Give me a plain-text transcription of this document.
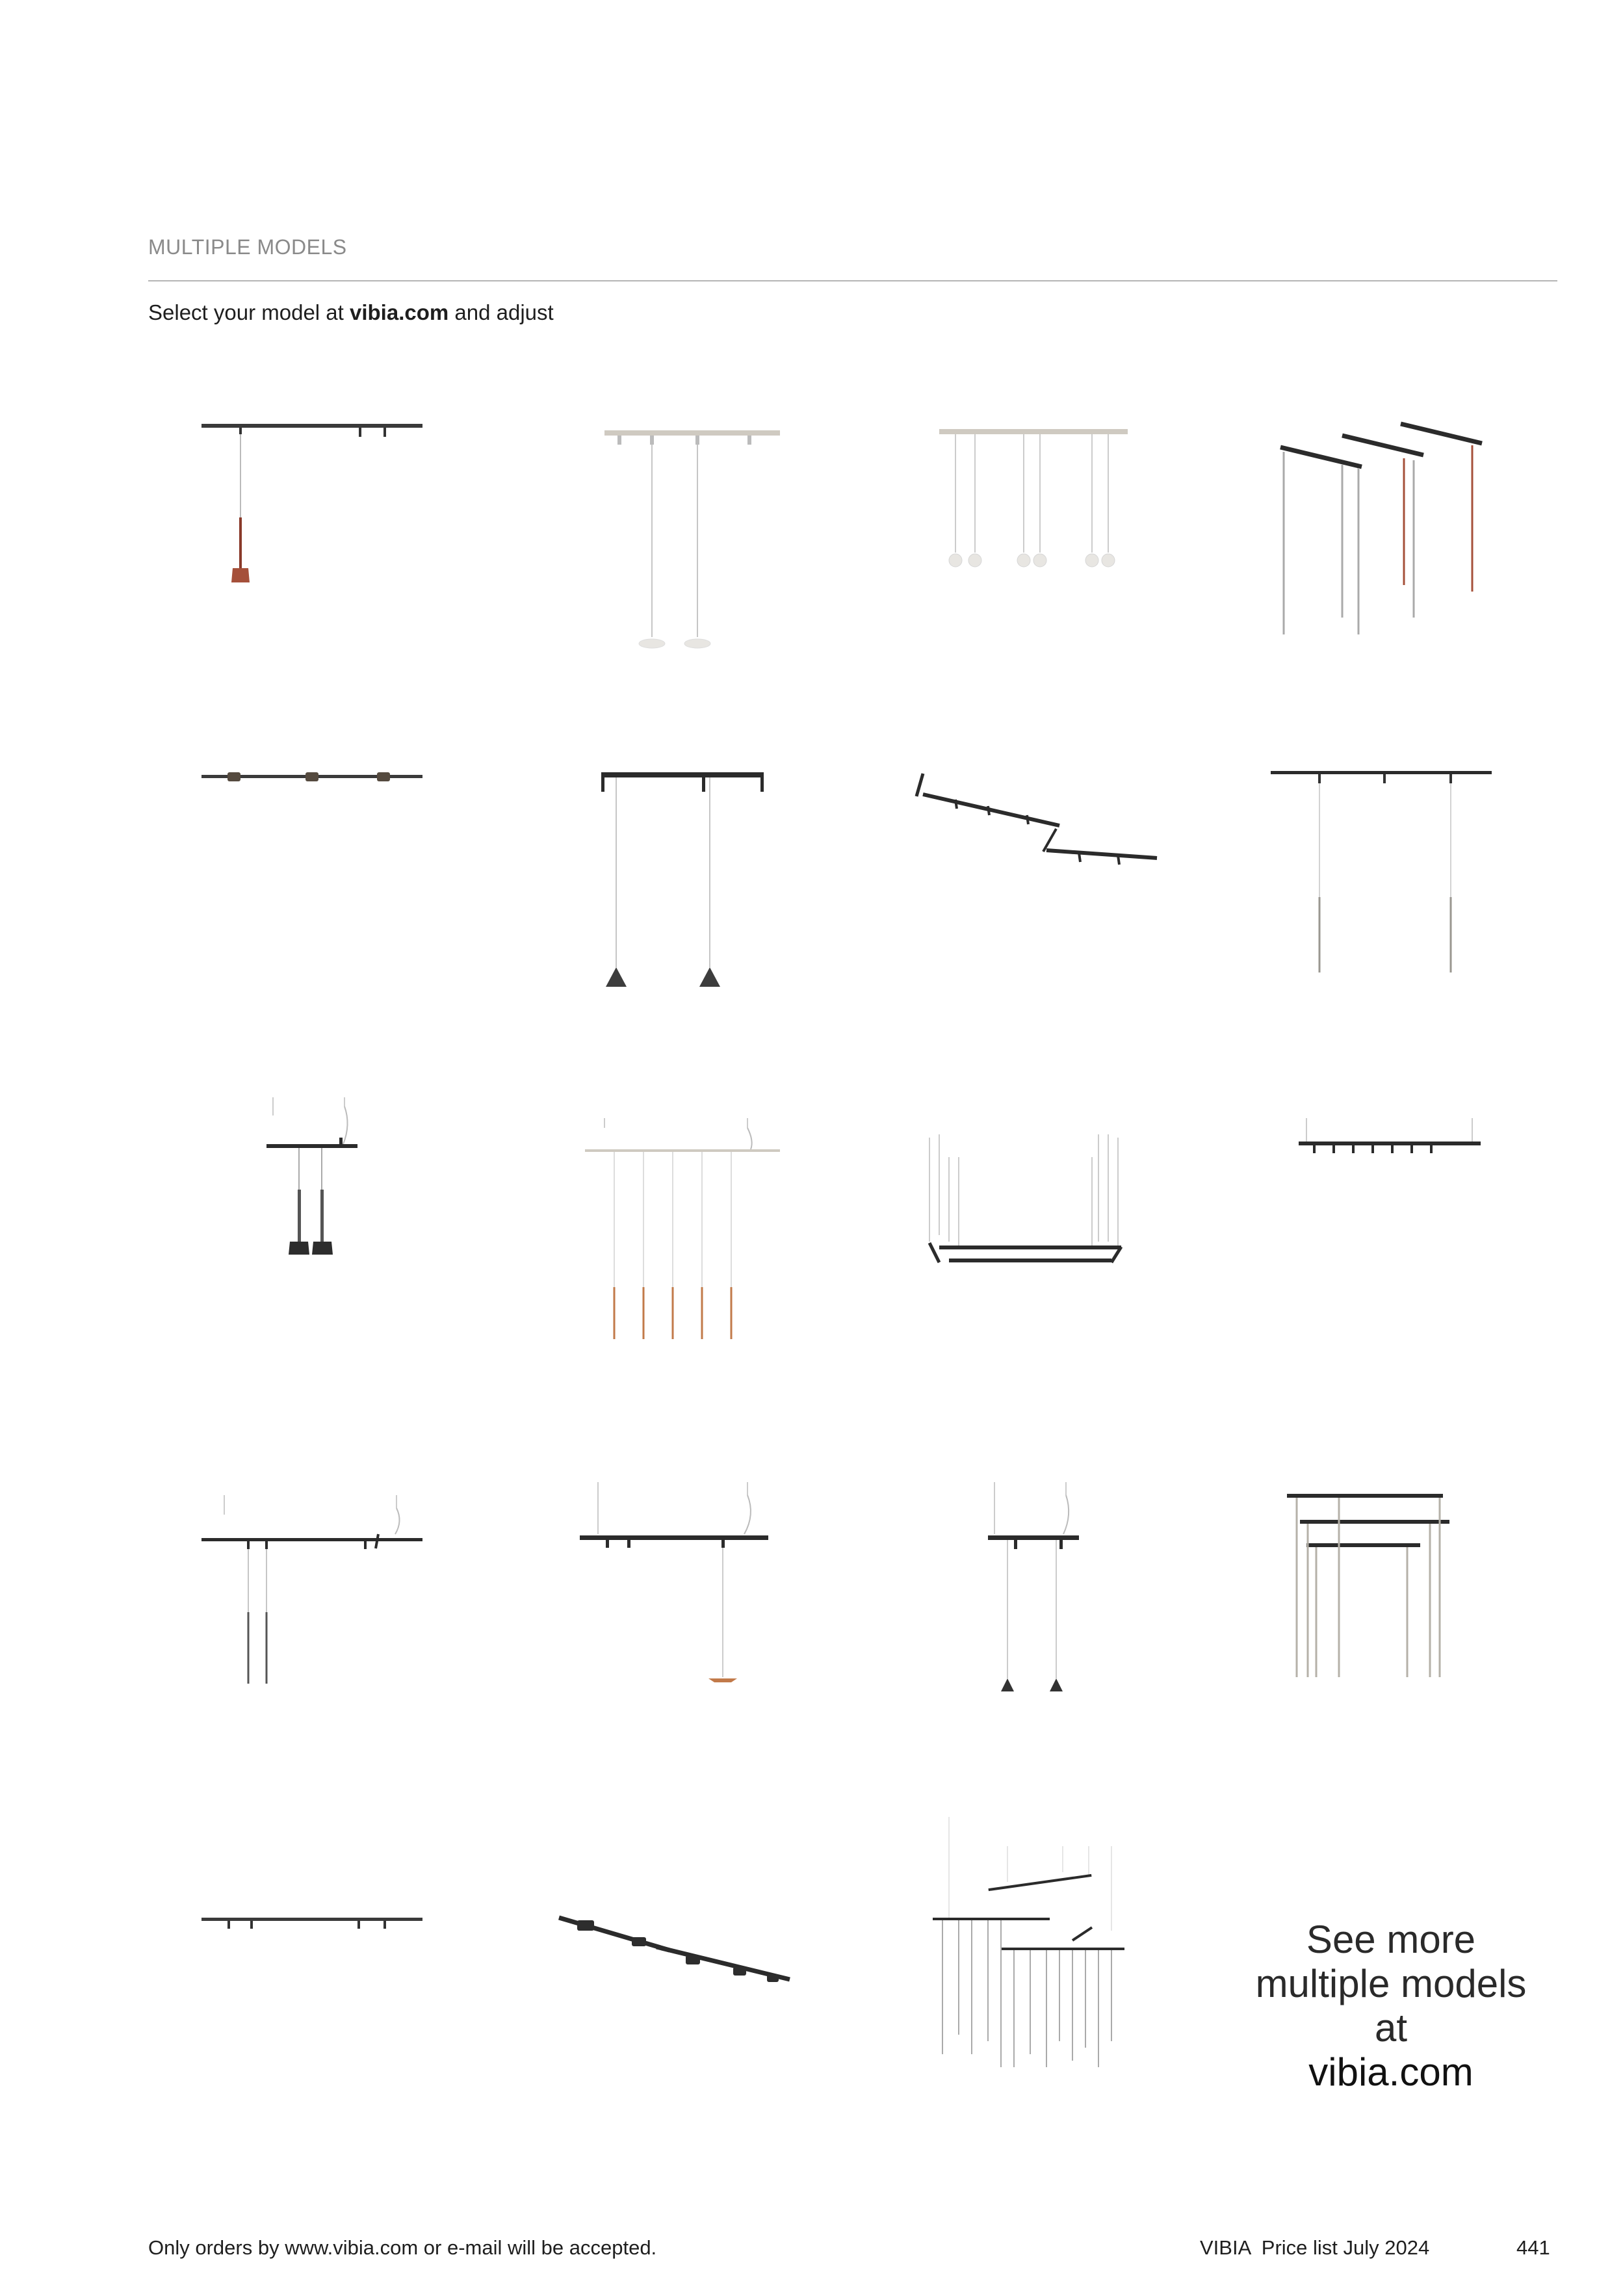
MULTIPLE MODELS
Select your model at vibia.com and adjust
See more
multiple models
at
vibia.com
Only orders by www.vibia.com or e-mail will be accepted.	VIBIA  Price list July 2024	441
